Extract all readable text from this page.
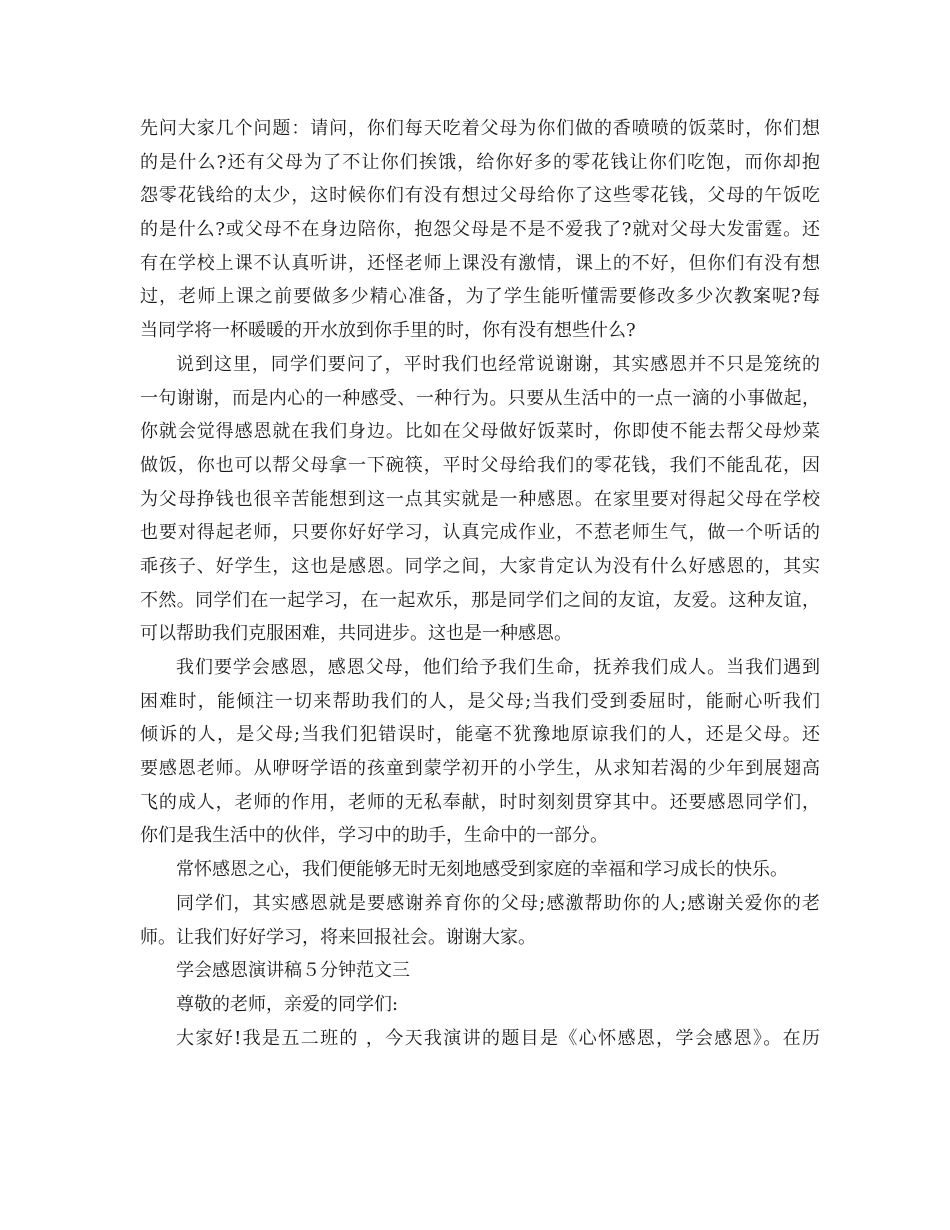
先问大家几个问题：请问，你们每天吃着父母为你们做的香喷喷的饭菜时，你们想
的是什么?还有父母为了不让你们挨饿，给你好多的零花钱让你们吃饱，而你却抱
怨零花钱给的太少，这时候你们有没有想过父母给你了这些零花钱，父母的午饭吃
的是什么?或父母不在身边陪你，抱怨父母是不是不爱我了?就对父母大发雷霆。还
有在学校上课不认真听讲，还怪老师上课没有激情，课上的不好，但你们有没有想
过，老师上课之前要做多少精心准备，为了学生能听懂需要修改多少次教案呢?每
当同学将一杯暖暖的开水放到你手里的时，你有没有想些什么?
说到这里，同学们要问了，平时我们也经常说谢谢，其实感恩并不只是笼统的
一句谢谢，而是内心的一种感受、一种行为。只要从生活中的一点一滴的小事做起，
你就会觉得感恩就在我们身边。比如在父母做好饭菜时，你即使不能去帮父母炒菜
做饭，你也可以帮父母拿一下碗筷，平时父母给我们的零花钱，我们不能乱花，因
为父母挣钱也很辛苦能想到这一点其实就是一种感恩。在家里要对得起父母在学校
也要对得起老师，只要你好好学习，认真完成作业，不惹老师生气，做一个听话的
乖孩子、好学生，这也是感恩。同学之间，大家肯定认为没有什么好感恩的，其实
不然。同学们在一起学习，在一起欢乐，那是同学们之间的友谊，友爱。这种友谊，
可以帮助我们克服困难，共同进步。这也是一种感恩。
我们要学会感恩，感恩父母，他们给予我们生命，抚养我们成人。当我们遇到
困难时，能倾注一切来帮助我们的人，是父母;当我们受到委屈时，能耐心听我们
倾诉的人，是父母;当我们犯错误时，能毫不犹豫地原谅我们的人，还是父母。还
要感恩老师。从咿呀学语的孩童到蒙学初开的小学生，从求知若渴的少年到展翅高
飞的成人，老师的作用，老师的无私奉献，时时刻刻贯穿其中。还要感恩同学们，
你们是我生活中的伙伴，学习中的助手，生命中的一部分。
常怀感恩之心，我们便能够无时无刻地感受到家庭的幸福和学习成长的快乐。
同学们，其实感恩就是要感谢养育你的父母;感激帮助你的人;感谢关爱你的老
师。让我们好好学习，将来回报社会。谢谢大家。
学会感恩演讲稿５分钟范文三
尊敬的老师，亲爱的同学们:
大家好!我是五二班的 ，今天我演讲的题目是《心怀感恩，学会感恩》。在历
